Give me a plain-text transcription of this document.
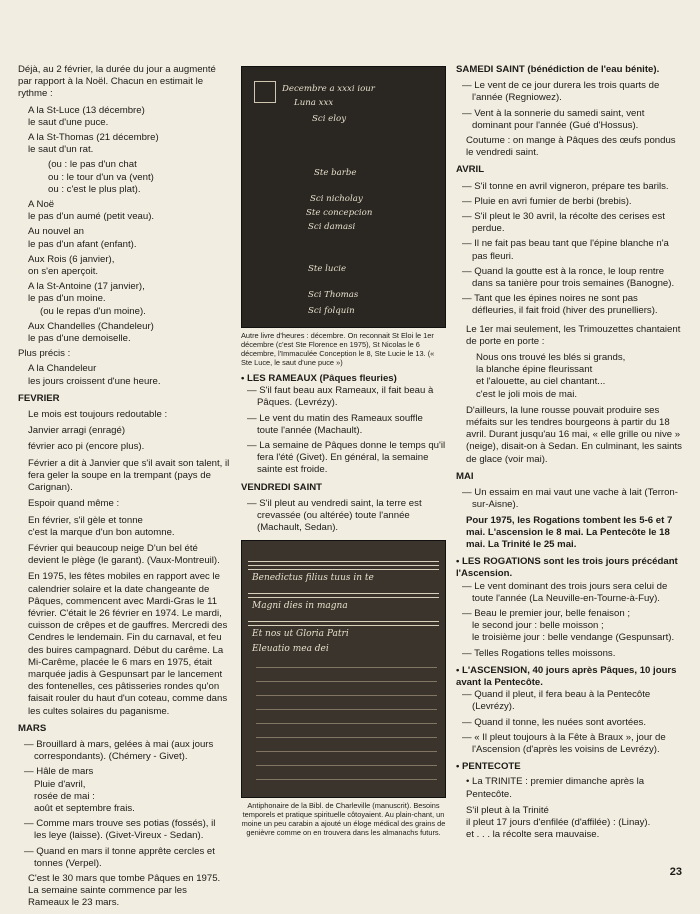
Déjà, au 2 février, la durée du jour a augmenté par rapport à la Noël. Chacun en estimait le rythme :
A la St-Luce (13 décembre)
le saut d'une puce.
A la St-Thomas (21 décembre)
le saut d'un rat.
(ou : le pas d'un chat
ou : le tour d'un va (vent)
ou : c'est le plus plat).
A Noë
le pas d'un aumé (petit veau).
Au nouvel an
le pas d'un afant (enfant).
Aux Rois (6 janvier),
on s'en aperçoit.
A la St-Antoine (17 janvier),
le pas d'un moine.
(ou le repas d'un moine).
Aux Chandelles (Chandeleur)
le pas d'une demoiselle.
Plus précis :
A la Chandeleur
les jours croissent d'une heure.
FEVRIER
Le mois est toujours redoutable :
Janvier arragi (enragé)
février aco pi (encore plus).
Février a dit à Janvier que s'il avait son talent, il fera geler la soupe en la trempant (pays de Carignan).
Espoir quand même :
En février, s'il gèle et tonne
c'est la marque d'un bon automne.
Février qui beaucoup neige D'un bel été devient le plège (le garant). (Vaux-Montreuil).
En 1975, les fêtes mobiles en rapport avec le calendrier solaire et la date changeante de Pâques, commencent avec Mardi-Gras le 11 février. C'était le 26 février en 1974. Le mardi, cuisson de crêpes et de gauffres. Mercredi des Cendres le lendemain. Fin du carnaval, et feu des buires campagnard. Début du carême. La Mi-Carême, placée le 6 mars en 1975, était marquée jadis à Gespunsart par le lancement des fontenelles, ces pâtisseries rondes qu'on faisait rouler du haut d'un coteau, comme dans les cultes solaires du paganisme.
MARS
— Brouillard à mars, gelées à mai (aux jours correspondants). (Chémery - Givet).
— Hâle de mars
Pluie d'avril,
rosée de mai :
août et septembre frais.
— Comme mars trouve ses potias (fossés), il les leye (laisse). (Givet-Vireux - Sedan).
— Quand en mars il tonne apprête cercles et tonnes (Verpel).
C'est le 30 mars que tombe Pâques en 1975. La semaine sainte commence par les Rameaux le 23 mars.
Decembre a xxxi iour
Luna xxx
Sci eloy
Ste barbe
Sci nicholay
Ste concepcion
Sci damasi
Ste lucie
Sci Thomas
Sci folquin
Autre livre d'heures : décembre. On reconnait St Eloi le 1er décembre (c'est Ste Florence en 1975), St Nicolas le 6 décembre, l'Immaculée Conception le 8, Ste Lucie le 13. (« Ste Luce, le saut d'une puce »)
• LES RAMEAUX (Pâques fleuries)
— S'il faut beau aux Rameaux, il fait beau à Pâques. (Levrézy).
— Le vent du matin des Rameaux souffle toute l'année (Machault).
— La semaine de Pâques donne le temps qu'il fera l'été (Givet). En général, la semaine sainte est froide.
VENDREDI SAINT
— S'il pleut au vendredi saint, la terre est crevassée (ou altérée) toute l'année (Machault, Sedan).
Benedictus filius tuus in te
Magni dies in magna
Et nos ut Gloria Patri
Eleuatio mea dei
Antiphonaire de la Bibl. de Charleville (manuscrit). Besoins temporels et pratique spirituelle côtoyaient. Au plain-chant, un moine un peu carabin a ajouté un éloge médical des grains de genièvre comme on en trouvera dans les almanachs futurs.
SAMEDI SAINT (bénédiction de l'eau bénite).
— Le vent de ce jour durera les trois quarts de l'année (Regniowez).
— Vent à la sonnerie du samedi saint, vent dominant pour l'année (Gué d'Hossus).
Coutume : on mange à Pâques des œufs pondus le vendredi saint.
AVRIL
— S'il tonne en avril vigneron, prépare tes barils.
— Pluie en avri fumier de berbi (brebis).
— S'il pleut le 30 avril, la récolte des cerises est perdue.
— Il ne fait pas beau tant que l'épine blanche n'a pas fleuri.
— Quand la goutte est à la ronce, le loup rentre dans sa tanière pour trois semaines (Banogne).
— Tant que les épines noires ne sont pas défleuries, il fait froid (hiver des prunelliers).
Le 1er mai seulement, les Trimouzettes chantaient de porte en porte :
Nous ons trouvé les blés si grands,
la blanche épine fleurissant
et l'alouette, au ciel chantant...
c'est le joli mois de mai.
D'ailleurs, la lune rousse pouvait produire ses méfaits sur les tendres bourgeons à partir du 18 avril. Durant jusqu'au 16 mai, « elle grille ou nive » (neige), disait-on à Sedan. En culminant, les saints de glace (voir mai).
MAI
— Un essaim en mai vaut une vache à lait (Terron-sur-Aisne).
Pour 1975, les Rogations tombent les 5-6 et 7 mai. L'ascension le 8 mai. La Pentecôte le 18 mai. La Trinité le 25 mai.
• LES ROGATIONS sont les trois jours précédant l'Ascension.
— Le vent dominant des trois jours sera celui de toute l'année (La Neuville-en-Tourne-à-Fuy).
— Beau le premier jour, belle fenaison ;
le second jour : belle moisson ;
le troisième jour : belle vendange (Gespunsart).
— Telles Rogations telles moissons.
• L'ASCENSION, 40 jours après Pâques, 10 jours avant la Pentecôte.
— Quand il pleut, il fera beau à la Pentecôte (Levrézy).
— Quand il tonne, les nuées sont avortées.
— « Il pleut toujours à la Fête à Braux », jour de l'Ascension (d'après les voisins de Levrézy).
• PENTECOTE
• La TRINITE : premier dimanche après la Pentecôte.
S'il pleut à la Trinité
il pleut 17 jours d'enfilée (d'affilée) : (Linay).
et . . . la récolte sera mauvaise.
23
